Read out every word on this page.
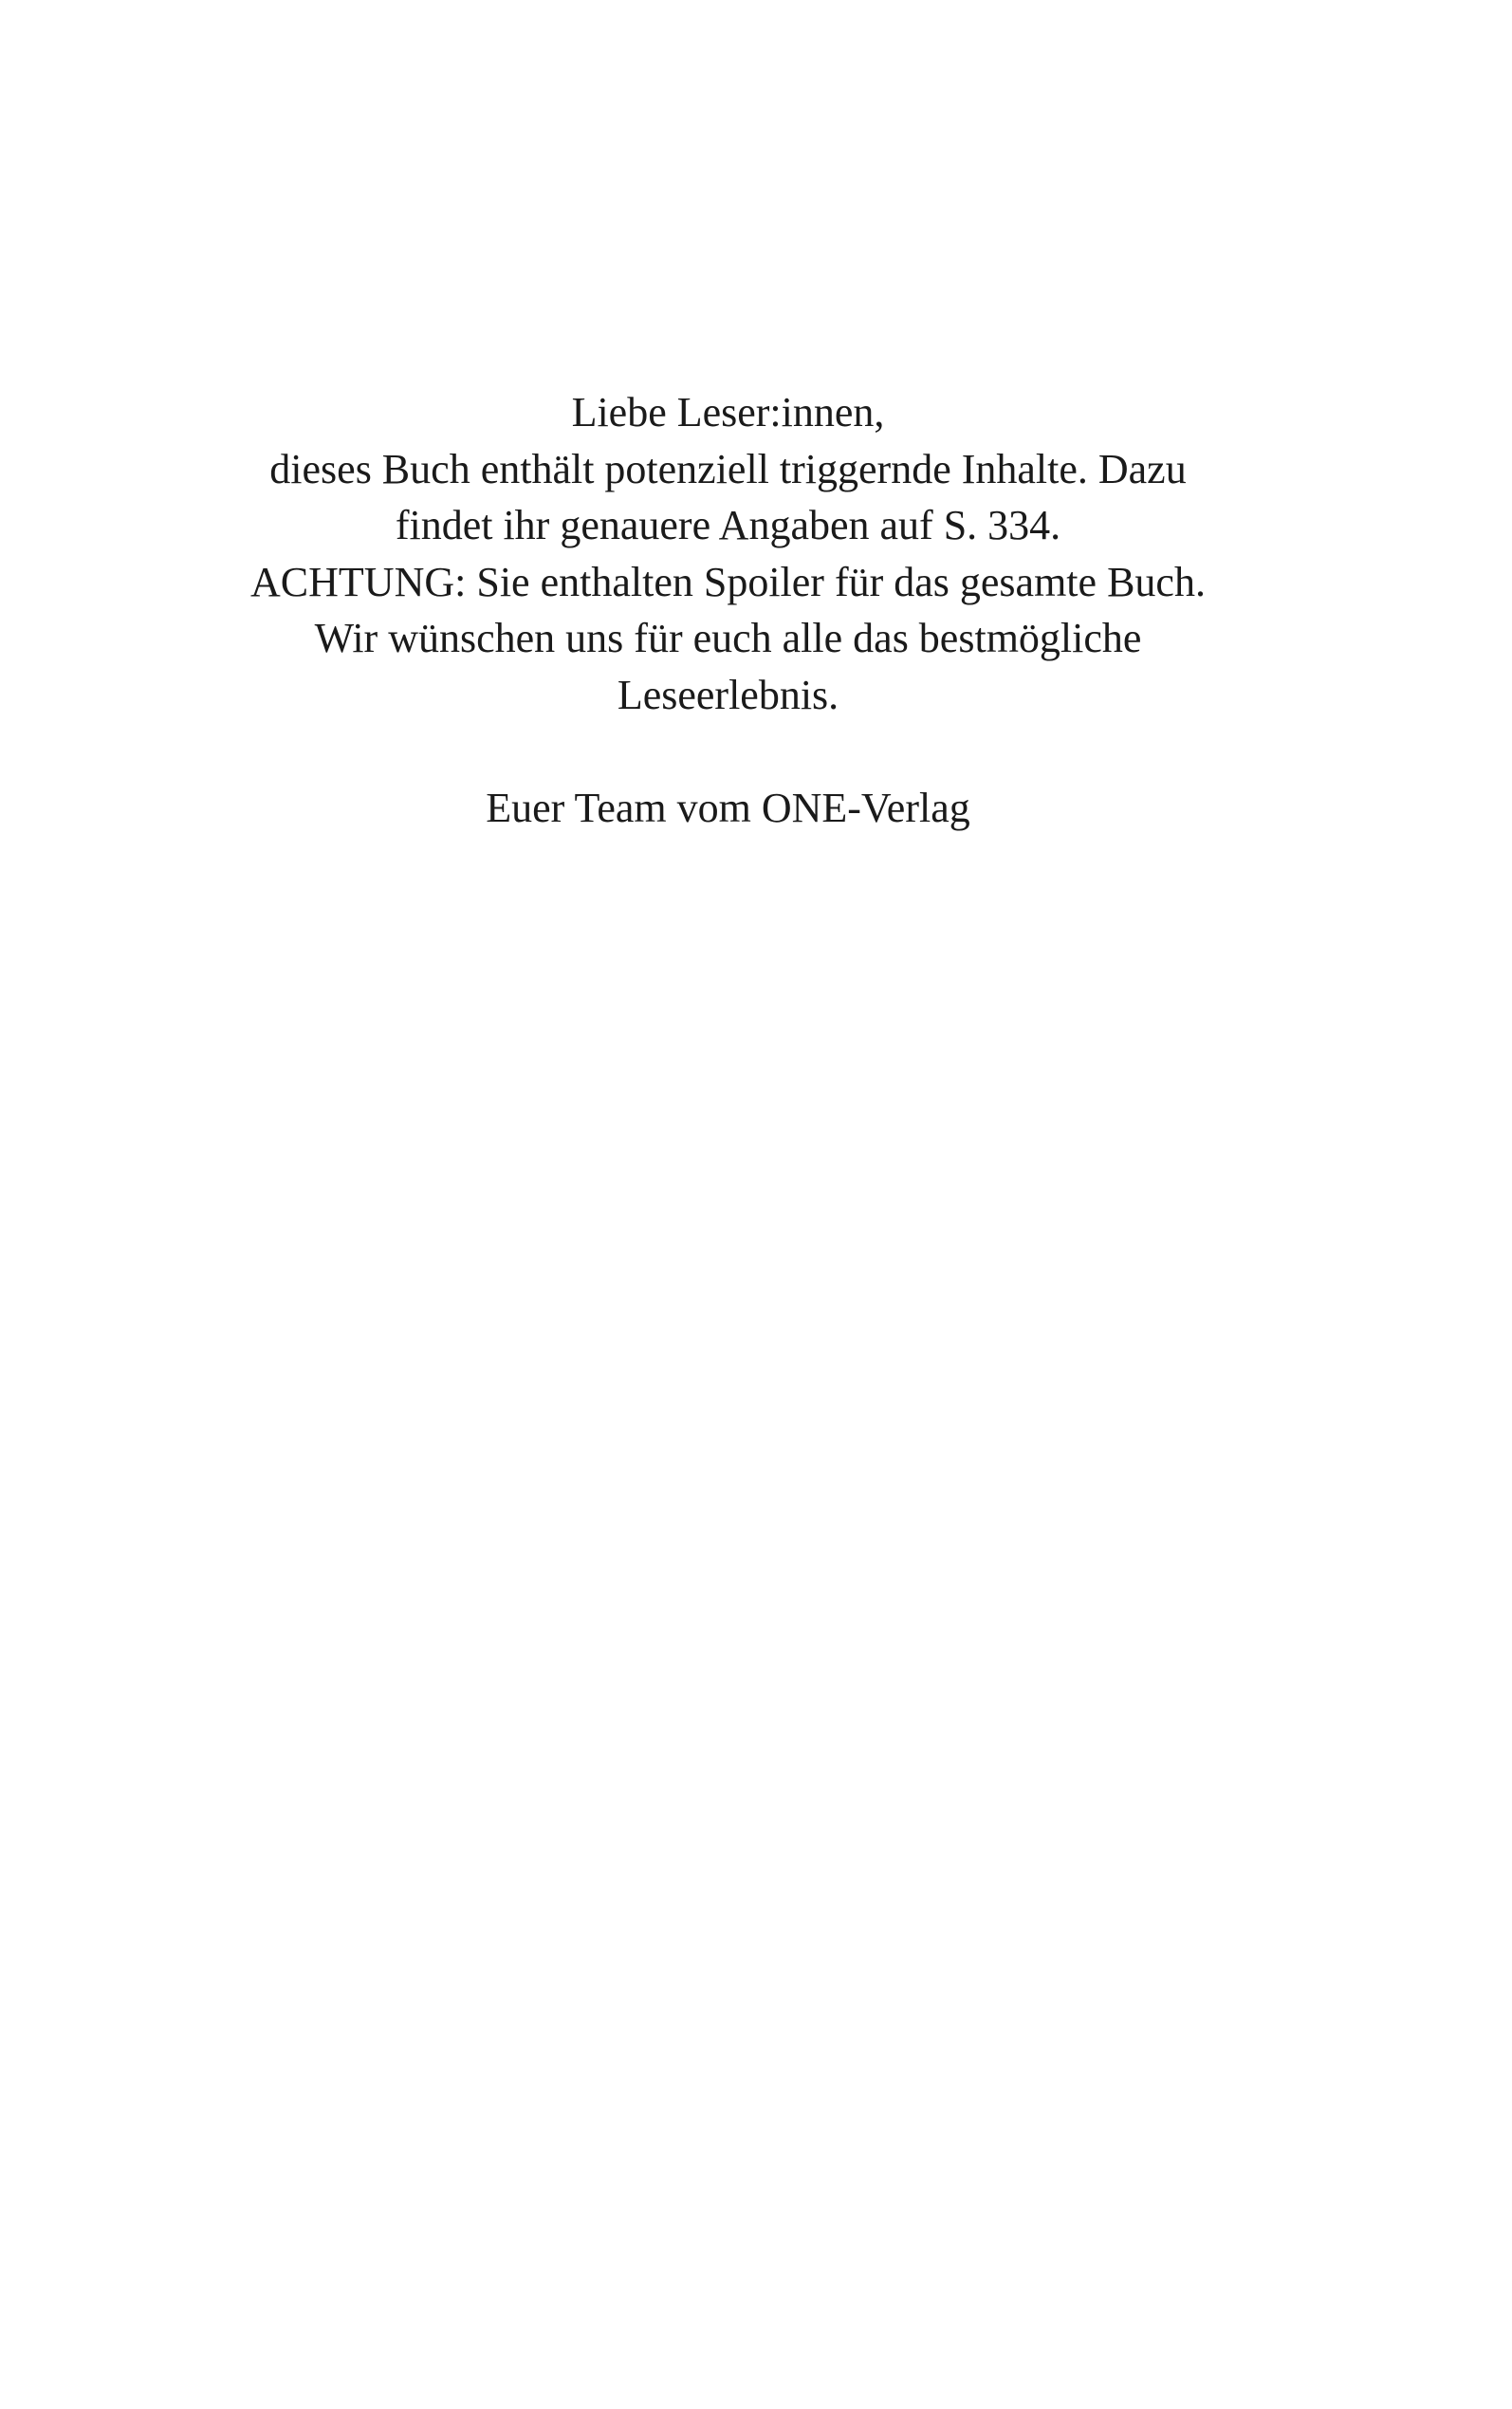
Liebe Leser:innen,
dieses Buch enthält potenziell triggernde Inhalte. Dazu
findet ihr genauere Angaben auf S. 334.
ACHTUNG: Sie enthalten Spoiler für das gesamte Buch.
Wir wünschen uns für euch alle das bestmögliche
Leseerlebnis.
Euer Team vom ONE-Verlag
